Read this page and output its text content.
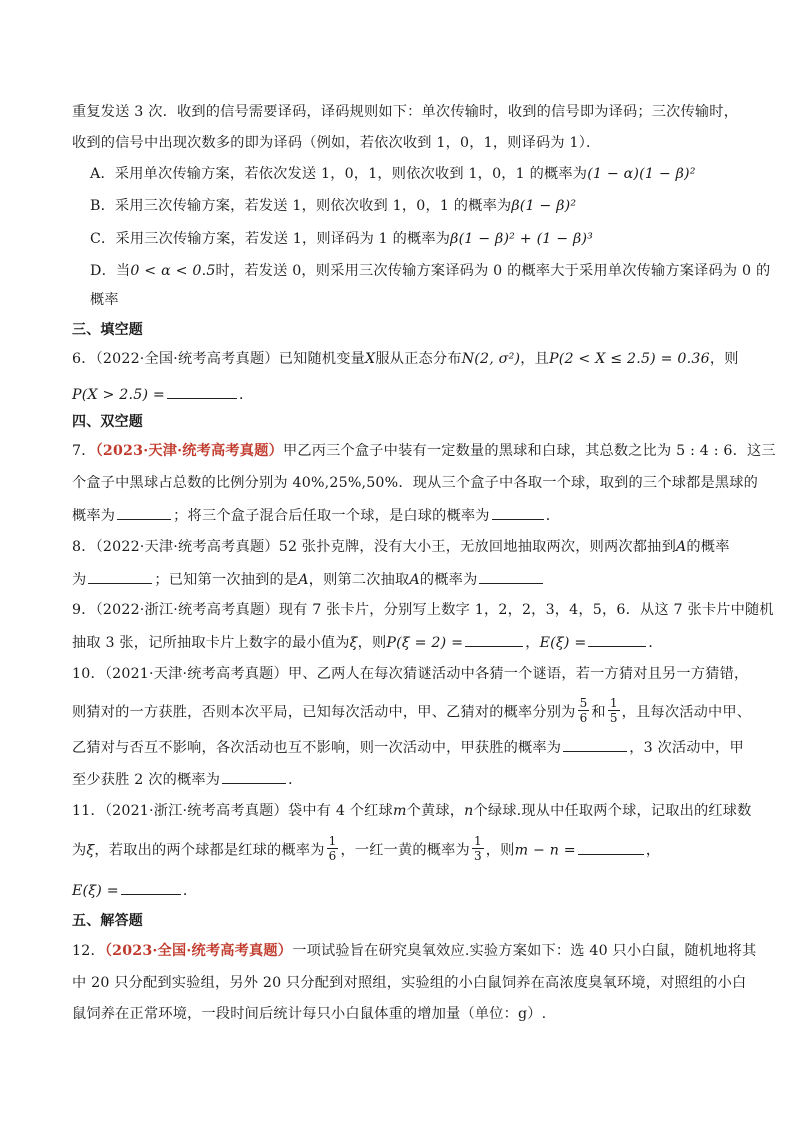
重复发送 3 次．收到的信号需要译码，译码规则如下：单次传输时，收到的信号即为译码；三次传输时，
收到的信号中出现次数多的即为译码（例如，若依次收到 1，0，1，则译码为 1）．
A．采用单次传输方案，若依次发送 1，0，1，则依次收到 1，0，1 的概率为(1 − α)(1 − β)²
B．采用三次传输方案，若发送 1，则依次收到 1，0，1 的概率为β(1 − β)²
C．采用三次传输方案，若发送 1，则译码为 1 的概率为β(1 − β)² + (1 − β)³
D．当0 < α < 0.5时，若发送 0，则采用三次传输方案译码为 0 的概率大于采用单次传输方案译码为 0 的
概率
三、填空题
6．（2022·全国·统考高考真题）已知随机变量X服从正态分布N(2, σ²)，且P(2 < X ≤ 2.5) = 0.36，则
P(X > 2.5) =	．
四、双空题
7．（2023·天津·统考高考真题）甲乙丙三个盒子中装有一定数量的黑球和白球，其总数之比为 5 : 4 : 6．这三
个盒子中黑球占总数的比例分别为 40%,25%,50%．现从三个盒子中各取一个球，取到的三个球都是黑球的
概率为	；将三个盒子混合后任取一个球，是白球的概率为	．
8．（2022·天津·统考高考真题）52 张扑克牌，没有大小王，无放回地抽取两次，则两次都抽到A的概率
为	；已知第一次抽到的是A，则第二次抽取A的概率为
9．（2022·浙江·统考高考真题）现有 7 张卡片，分别写上数字 1，2，2，3，4，5，6．从这 7 张卡片中随机
抽取 3 张，记所抽取卡片上数字的最小值为ξ，则P(ξ = 2) =	，E(ξ) =	．
10．（2021·天津·统考高考真题）甲、乙两人在每次猜谜活动中各猜一个谜语，若一方猜对且另一方猜错，
则猜对的一方获胜，否则本次平局，已知每次活动中，甲、乙猜对的概率分别为 $\frac{5}{6}$ 和 $\frac{1}{5}$ ，且每次活动中甲、
乙猜对与否互不影响，各次活动也互不影响，则一次活动中，甲获胜的概率为	，3 次活动中，甲
至少获胜 2 次的概率为	．
11．（2021·浙江·统考高考真题）袋中有 4 个红球m个黄球，n个绿球.现从中任取两个球，记取出的红球数
为ξ，若取出的两个球都是红球的概率为 $\frac{1}{6}$ ，一红一黄的概率为 $\frac{1}{3}$ ，则m − n =	，
E(ξ) =	．
五、解答题
12．（2023·全国·统考高考真题）一项试验旨在研究臭氧效应.实验方案如下：选 40 只小白鼠，随机地将其
中 20 只分配到实验组，另外 20 只分配到对照组，实验组的小白鼠饲养在高浓度臭氧环境，对照组的小白
鼠饲养在正常环境，一段时间后统计每只小白鼠体重的增加量（单位：g）.
